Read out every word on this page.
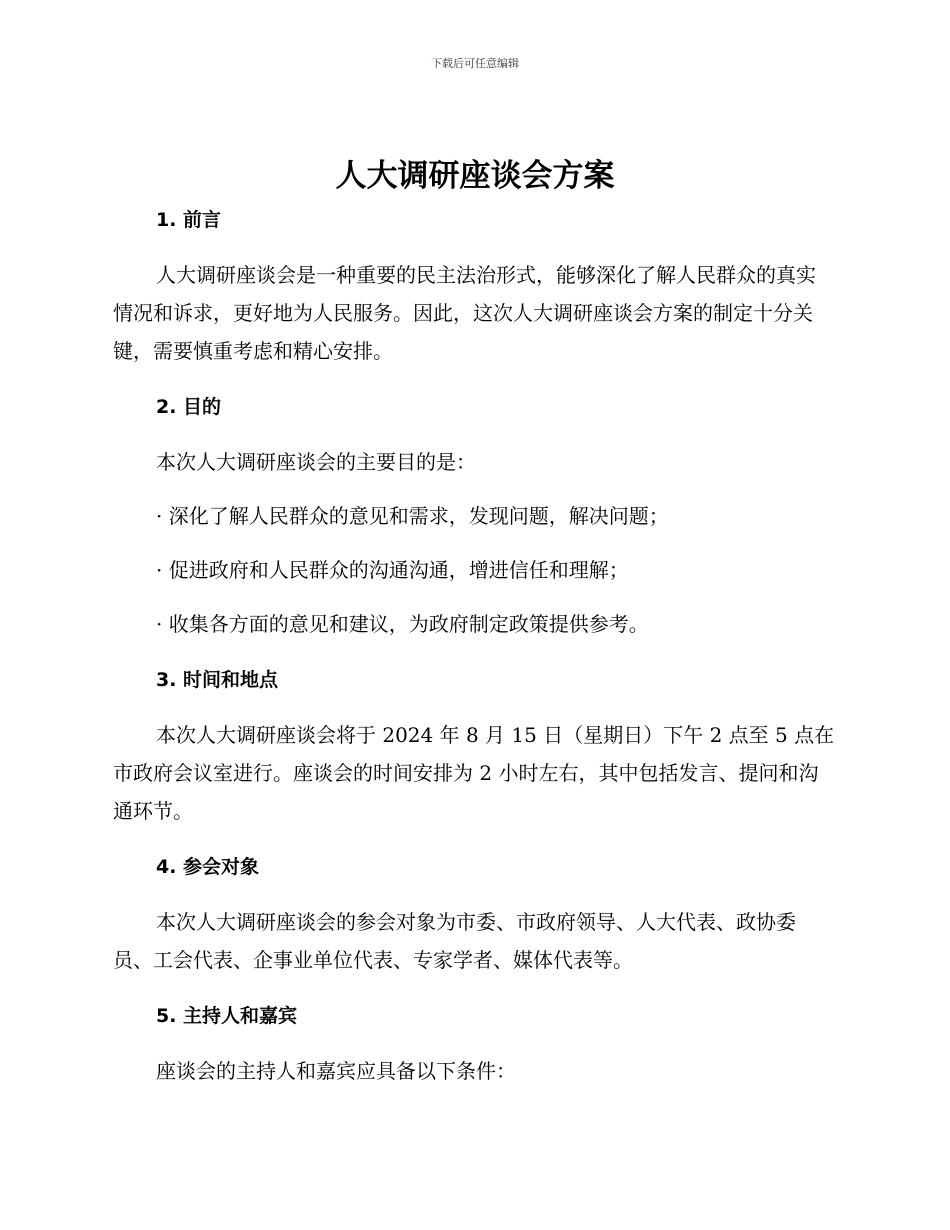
下载后可任意编辑
人大调研座谈会方案
1. 前言

人大调研座谈会是一种重要的民主法治形式，能够深化了解人民群众的真实情况和诉求，更好地为人民服务。因此，这次人大调研座谈会方案的制定十分关键，需要慎重考虑和精心安排。

2. 目的

本次人大调研座谈会的主要目的是：

· 深化了解人民群众的意见和需求，发现问题，解决问题；

· 促进政府和人民群众的沟通沟通，增进信任和理解；

· 收集各方面的意见和建议，为政府制定政策提供参考。

3. 时间和地点

本次人大调研座谈会将于 2024 年 8 月 15 日（星期日）下午 2 点至 5 点在市政府会议室进行。座谈会的时间安排为 2 小时左右，其中包括发言、提问和沟通环节。

4. 参会对象

本次人大调研座谈会的参会对象为市委、市政府领导、人大代表、政协委员、工会代表、企事业单位代表、专家学者、媒体代表等。

5. 主持人和嘉宾

座谈会的主持人和嘉宾应具备以下条件：
